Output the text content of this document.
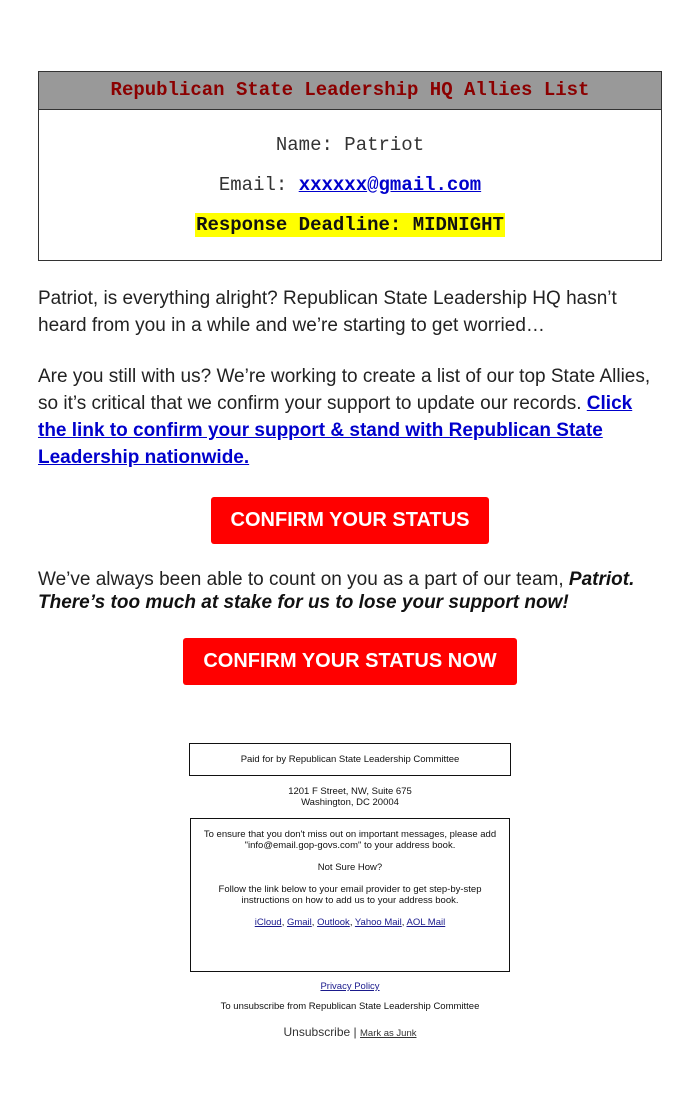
Republican State Leadership HQ Allies List

Name: Patriot

Email: xxxxxx@gmail.com

Response Deadline: MIDNIGHT

Patriot, is everything alright? Republican State Leadership HQ hasn’t heard from you in a while and we’re starting to get worried…

Are you still with us? We’re working to create a list of our top State Allies, so it’s critical that we confirm your support to update our records. Click the link to confirm your support & stand with Republican State Leadership nationwide.

CONFIRM YOUR STATUS

We’ve always been able to count on you as a part of our team, Patriot. There’s too much at stake for us to lose your support now!

CONFIRM YOUR STATUS NOW
Paid for by Republican State Leadership Committee

1201 F Street, NW, Suite 675

Washington, DC 20004

To ensure that you don't miss out on important messages, please add "info@email.gop-govs.com" to your address book.

Not Sure How?

Follow the link below to your email provider to get step-by-step instructions on how to add us to your address book.

iCloud, Gmail, Outlook, Yahoo Mail, AOL Mail

Privacy Policy

To unsubscribe from Republican State Leadership Committee

Unsubscribe | Mark as Junk
